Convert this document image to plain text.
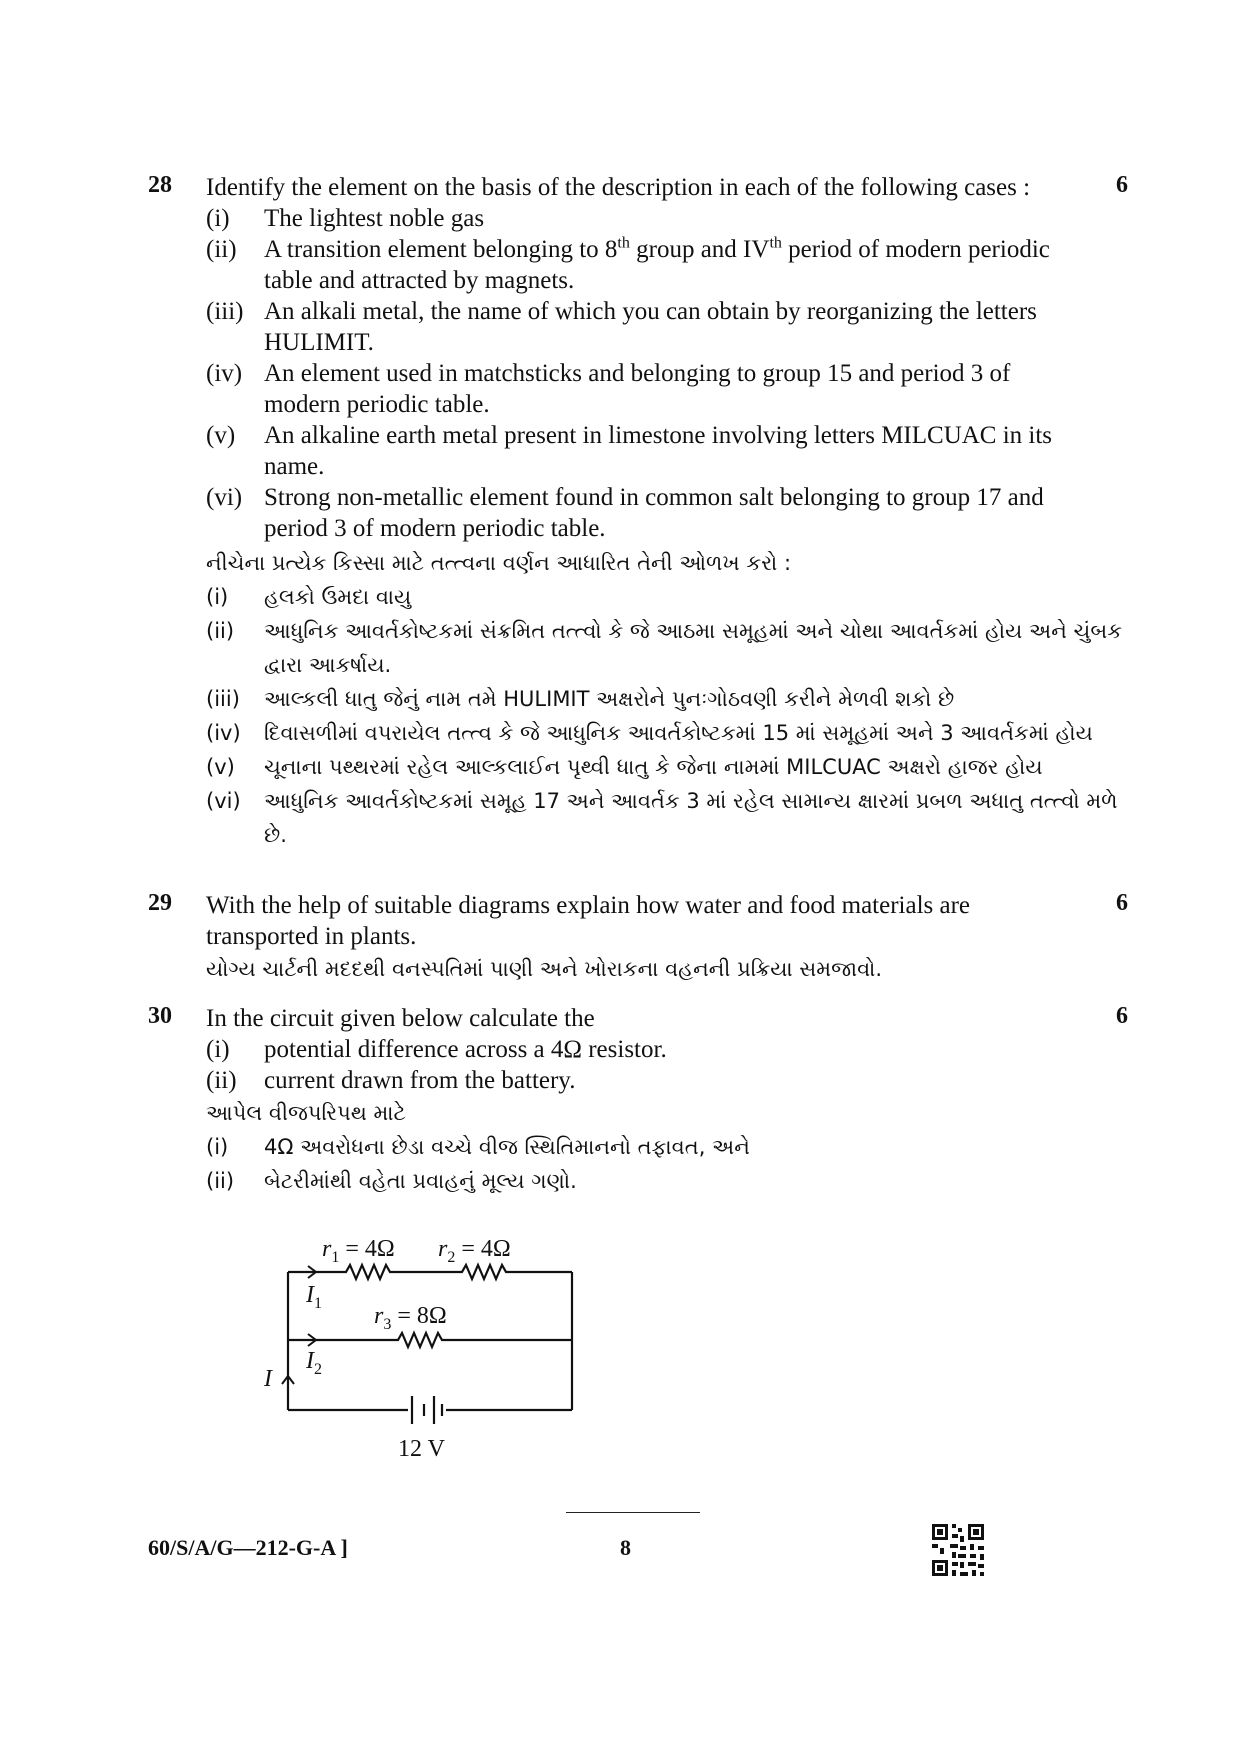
28	6
Identify the element on the basis of the description in each of the following cases :
(i)	The lightest noble gas
(ii)	A transition element belonging to 8th group and IVth period of modern periodic table and attracted by magnets.
(iii) An alkali metal, the name of which you can obtain by reorganizing the letters HULIMIT.
(iv) An element used in matchsticks and belonging to group 15 and period 3 of modern periodic table.
(v)	An alkaline earth metal present in limestone involving letters MILCUAC in its name.
(vi) Strong non-metallic element found in common salt belonging to group 17 and period 3 of modern periodic table.
નીચેના પ્રત્યેક કિસ્સા માટે તત્ત્વના વર્ણન આધારિત તેની ઓળખ કરો :
(i)	હલકો ઉમદા વાયુ
(ii)	આધુનિક આવર્તકોષ્ટકમાં સંક્રમિત તત્ત્વો કે જે આઠમા સમૂહમાં અને ચોથા આવર્તકમાં હોય અને ચુંબક દ્વારા આકર્ષાય.
(iii)	આલ્કલી ધાતુ જેનું નામ તમે HULIMIT અક્ષરોને પુનઃગોઠવણી કરીને મેળવી શકો છે
(iv)	દિવાસળીમાં વપરાયેલ તત્ત્વ કે જે આધુનિક આવર્તકોષ્ટકમાં 15 માં સમૂહમાં અને 3 આવર્તકમાં હોય
(v)	ચૂનાના પથ્થરમાં રહેલ આલ્કલાઈન પૃથ્વી ધાતુ કે જેના નામમાં MILCUAC અક્ષરો હાજર હોય
(vi)	આધુનિક આવર્તકોષ્ટકમાં સમૂહ 17 અને આવર્તક 3 માં રહેલ સામાન્ય ક્ષારમાં પ્રબળ અધાતુ તત્ત્વો મળે છે.
29	6
With the help of suitable diagrams explain how water and food materials are transported in plants.
યોગ્ય ચાર્ટની મદદથી વનસ્પતિમાં પાણી અને ખોરાકના વહનની પ્રક્રિયા સમજાવો.
30	6
In the circuit given below calculate the
(i)	potential difference across a 4Ω resistor.
(ii)	current drawn from the battery.
આપેલ વીજપરિપથ માટે
(i)	4Ω અવરોધના છેડા વચ્ચે વીજ સ્થિતિમાનનો તફાવત, અને
(ii)	બેટરીમાંથી વહેતા પ્રવાહનું મૂલ્ય ગણો.
$r_1 = 4\Omega$ $r_2 = 4\Omega$
$r_3 = 8\Omega$
$I_1$
$I_2$
I
12 V
60/S/A/G—212-G-A ]	8
